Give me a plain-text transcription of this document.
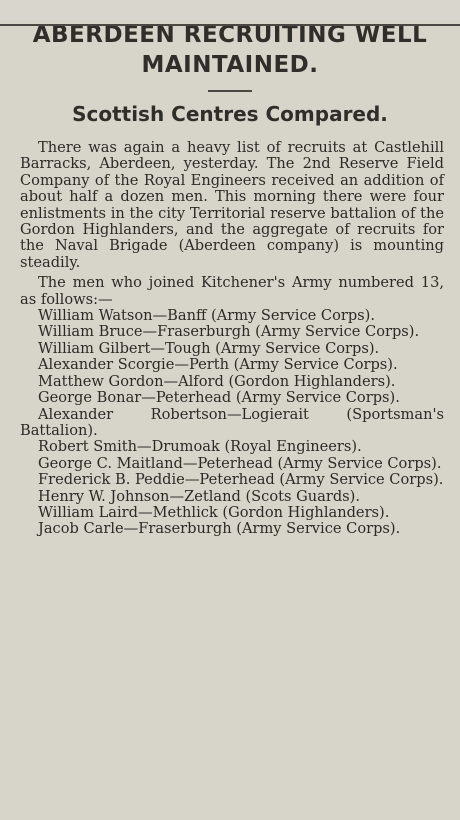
ABERDEEN RECRUITING WELL
MAINTAINED.
Scottish Centres Compared.

There was again a heavy list of recruits at Castlehill Barracks, Aberdeen, yesterday. The 2nd Reserve Field Company of the Royal Engineers received an addition of about half a dozen men. This morning there were four enlistments in the city Territorial reserve battalion of the Gordon Highlanders, and the aggregate of recruits for the Naval Brigade (Aberdeen company) is mounting steadily.

The men who joined Kitchener's Army numbered 13, as follows:—

William Watson—Banff (Army Service Corps).

William Bruce—Fraserburgh (Army Service Corps).

William Gilbert—Tough (Army Service Corps).

Alexander Scorgie—Perth (Army Service Corps).

Matthew Gordon—Alford (Gordon Highlanders).

George Bonar—Peterhead (Army Service Corps).

Alexander Robertson—Logierait (Sportsman's Battalion).

Robert Smith—Drumoak (Royal Engineers).

George C. Maitland—Peterhead (Army Service Corps).

Frederick B. Peddie—Peterhead (Army Service Corps).

Henry W. Johnson—Zetland (Scots Guards).

William Laird—Methlick (Gordon Highlanders).

Jacob Carle—Fraserburgh (Army Service Corps).
